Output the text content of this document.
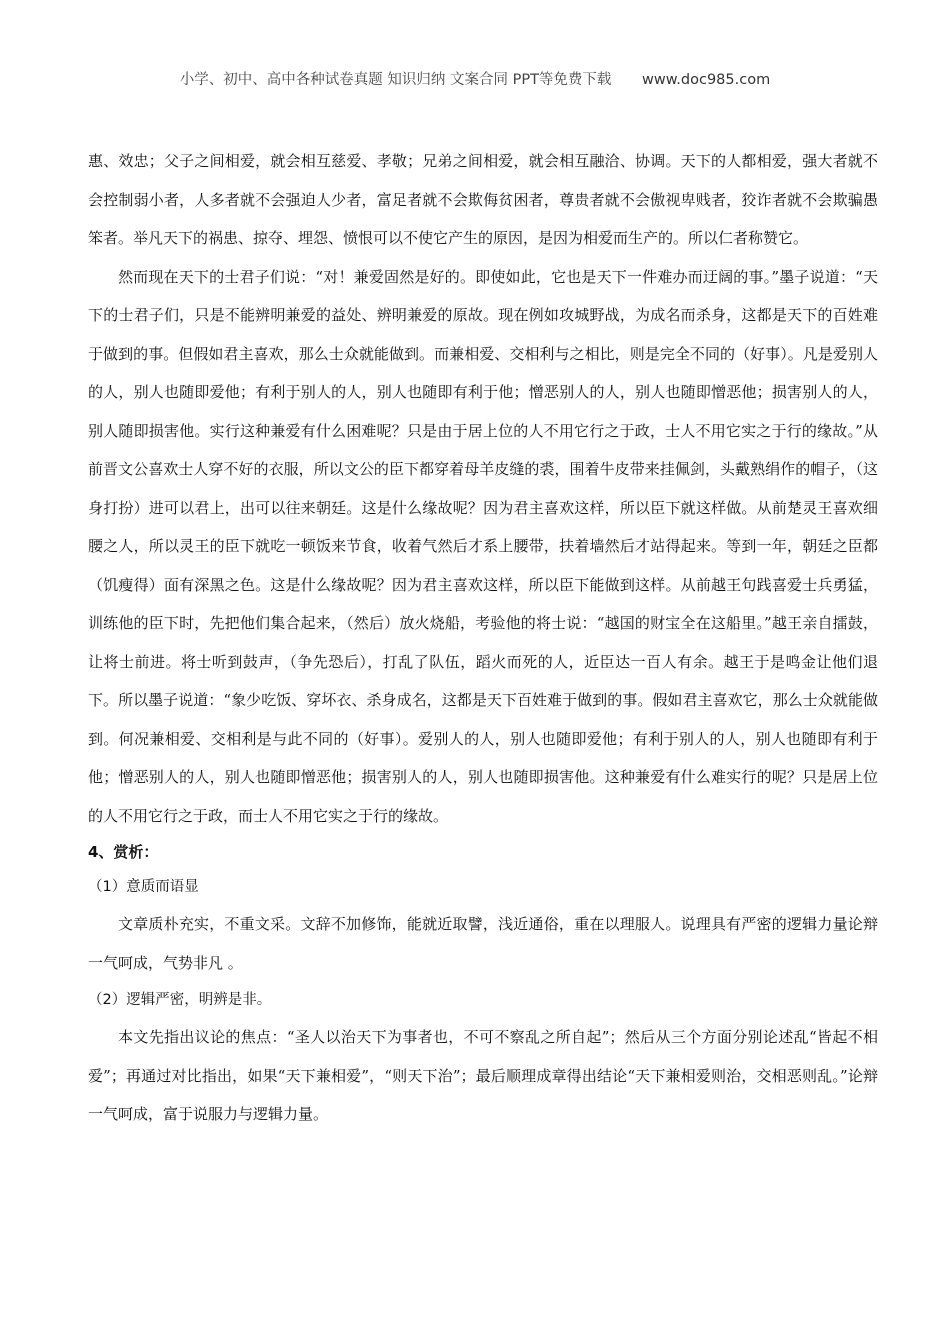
小学、初中、高中各种试卷真题 知识归纳 文案合同 PPT等免费下载 www.doc985.com

惠、效忠；父子之间相爱，就会相互慈爱、孝敬；兄弟之间相爱，就会相互融洽、协调。天下的人都相爱，强大者就不会控制弱小者，人多者就不会强迫人少者，富足者就不会欺侮贫困者，尊贵者就不会傲视卑贱者，狡诈者就不会欺骗愚笨者。举凡天下的祸患、掠夺、埋怨、愤恨可以不使它产生的原因，是因为相爱而生产的。所以仁者称赞它。

然而现在天下的士君子们说：“对！兼爱固然是好的。即使如此，它也是天下一件难办而迂阔的事。”墨子说道：“天下的士君子们，只是不能辨明兼爱的益处、辨明兼爱的原故。现在例如攻城野战，为成名而杀身，这都是天下的百姓难于做到的事。但假如君主喜欢，那么士众就能做到。而兼相爱、交相利与之相比，则是完全不同的（好事）。凡是爱别人的人，别人也随即爱他；有利于别人的人，别人也随即有利于他；憎恶别人的人，别人也随即憎恶他；损害别人的人，别人随即损害他。实行这种兼爱有什么困难呢？只是由于居上位的人不用它行之于政，士人不用它实之于行的缘故。”从前晋文公喜欢士人穿不好的衣服，所以文公的臣下都穿着母羊皮缝的裘，围着牛皮带来挂佩剑，头戴熟绢作的帽子，（这身打扮）进可以君上，出可以往来朝廷。这是什么缘故呢？因为君主喜欢这样，所以臣下就这样做。从前楚灵王喜欢细腰之人，所以灵王的臣下就吃一顿饭来节食，收着气然后才系上腰带，扶着墙然后才站得起来。等到一年，朝廷之臣都（饥瘦得）面有深黑之色。这是什么缘故呢？因为君主喜欢这样，所以臣下能做到这样。从前越王句践喜爱士兵勇猛，训练他的臣下时，先把他们集合起来，（然后）放火烧船，考验他的将士说：“越国的财宝全在这船里。”越王亲自擂鼓，让将士前进。将士听到鼓声，（争先恐后），打乱了队伍，蹈火而死的人，近臣达一百人有余。越王于是鸣金让他们退下。所以墨子说道：“象少吃饭、穿坏衣、杀身成名，这都是天下百姓难于做到的事。假如君主喜欢它，那么士众就能做到。何况兼相爱、交相利是与此不同的（好事）。爱别人的人，别人也随即爱他；有利于别人的人，别人也随即有利于他；憎恶别人的人，别人也随即憎恶他；损害别人的人，别人也随即损害他。这种兼爱有什么难实行的呢？只是居上位的人不用它行之于政，而士人不用它实之于行的缘故。

4、赏析：

（1）意质而语显

文章质朴充实，不重文采。文辞不加修饰，能就近取譬，浅近通俗，重在以理服人。说理具有严密的逻辑力量论辩一气呵成，气势非凡 。

（2）逻辑严密，明辨是非。

本文先指出议论的焦点：“圣人以治天下为事者也，不可不察乱之所自起”；然后从三个方面分别论述乱“皆起不相爱”；再通过对比指出，如果“天下兼相爱”，“则天下治”；最后顺理成章得出结论“天下兼相爱则治，交相恶则乱。”论辩一气呵成，富于说服力与逻辑力量。
